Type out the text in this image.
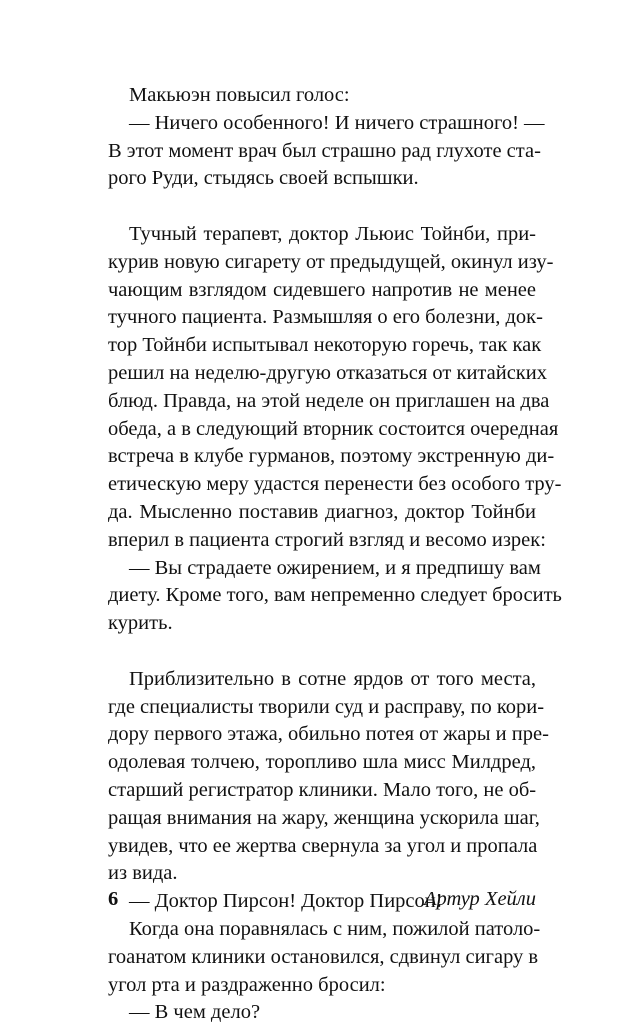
Макьюэн повысил голос:
— Ничего особенного! И ничего страшного! —
В этот момент врач был страшно рад глухоте ста-
рого Руди, стыдясь своей вспышки.
Тучный терапевт, доктор Льюис Тойнби, при-
курив новую сигарету от предыдущей, окинул изу-
чающим взглядом сидевшего напротив не менее
тучного пациента. Размышляя о его болезни, док-
тор Тойнби испытывал некоторую горечь, так как
решил на неделю-другую отказаться от китайских
блюд. Правда, на этой неделе он приглашен на два
обеда, а в следующий вторник состоится очередная
встреча в клубе гурманов, поэтому экстренную ди-
етическую меру удастся перенести без особого тру-
да. Мысленно поставив диагноз, доктор Тойнби
вперил в пациента строгий взгляд и весомо изрек:
— Вы страдаете ожирением, и я предпишу вам
диету. Кроме того, вам непременно следует бросить
курить.
Приблизительно в сотне ярдов от того места,
где специалисты творили суд и расправу, по кори-
дору первого этажа, обильно потея от жары и пре-
одолевая толчею, торопливо шла мисс Милдред,
старший регистратор клиники. Мало того, не об-
ращая внимания на жару, женщина ускорила шаг,
увидев, что ее жертва свернула за угол и пропала
из вида.
— Доктор Пирсон! Доктор Пирсон!
Когда она поравнялась с ним, пожилой патоло-
гоанатом клиники остановился, сдвинул сигару в
угол рта и раздраженно бросил:
— В чем дело?
6	Артур Хейли
